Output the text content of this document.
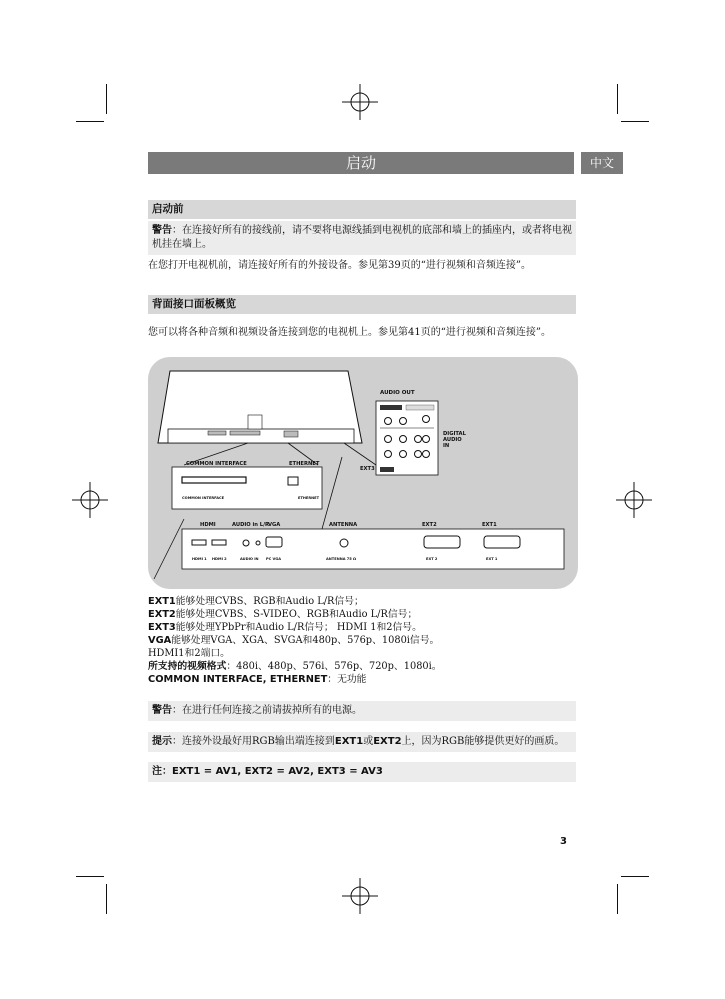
启动	中文
启动前
警告：在连接好所有的接线前，请不要将电源线插到电视机的底部和墙上的插座内，或者将电视机挂在墙上。
在您打开电视机前，请连接好所有的外接设备。参见第39页的“进行视频和音频连接”。
背面接口面板概览
您可以将各种音频和视频设备连接到您的电视机上。参见第41页的“进行视频和音频连接”。
AUDIO OUT
DIGITAL AUDIO IN
EXT3
COMMON INTERFACE	ETHERNET
COMMON INTERFACE	ETHERNET
HDMI	AUDIO in L/R VGA	ANTENNA	EXT2	EXT1
HDMI 1 HDMI 2	AUDIO IN PC VGA	ANTENNA 75 Ω	EXT 2	EXT 1
EXT1能够处理CVBS、RGB和Audio L/R信号；
EXT2能够处理CVBS、S-VIDEO、RGB和Audio L/R信号；
EXT3能够处理YPbPr和Audio L/R信号； HDMI 1和2信号。
VGA能够处理VGA、XGA、SVGA和480p、576p、1080i信号。
HDMI1和2端口。
所支持的视频格式：480i、480p、576i、576p、720p、1080i。
COMMON INTERFACE, ETHERNET：无功能
警告：在进行任何连接之前请拔掉所有的电源。
提示：连接外设最好用RGB输出端连接到EXT1或EXT2上，因为RGB能够提供更好的画质。
注：EXT1 = AV1, EXT2 = AV2, EXT3 = AV3
3
